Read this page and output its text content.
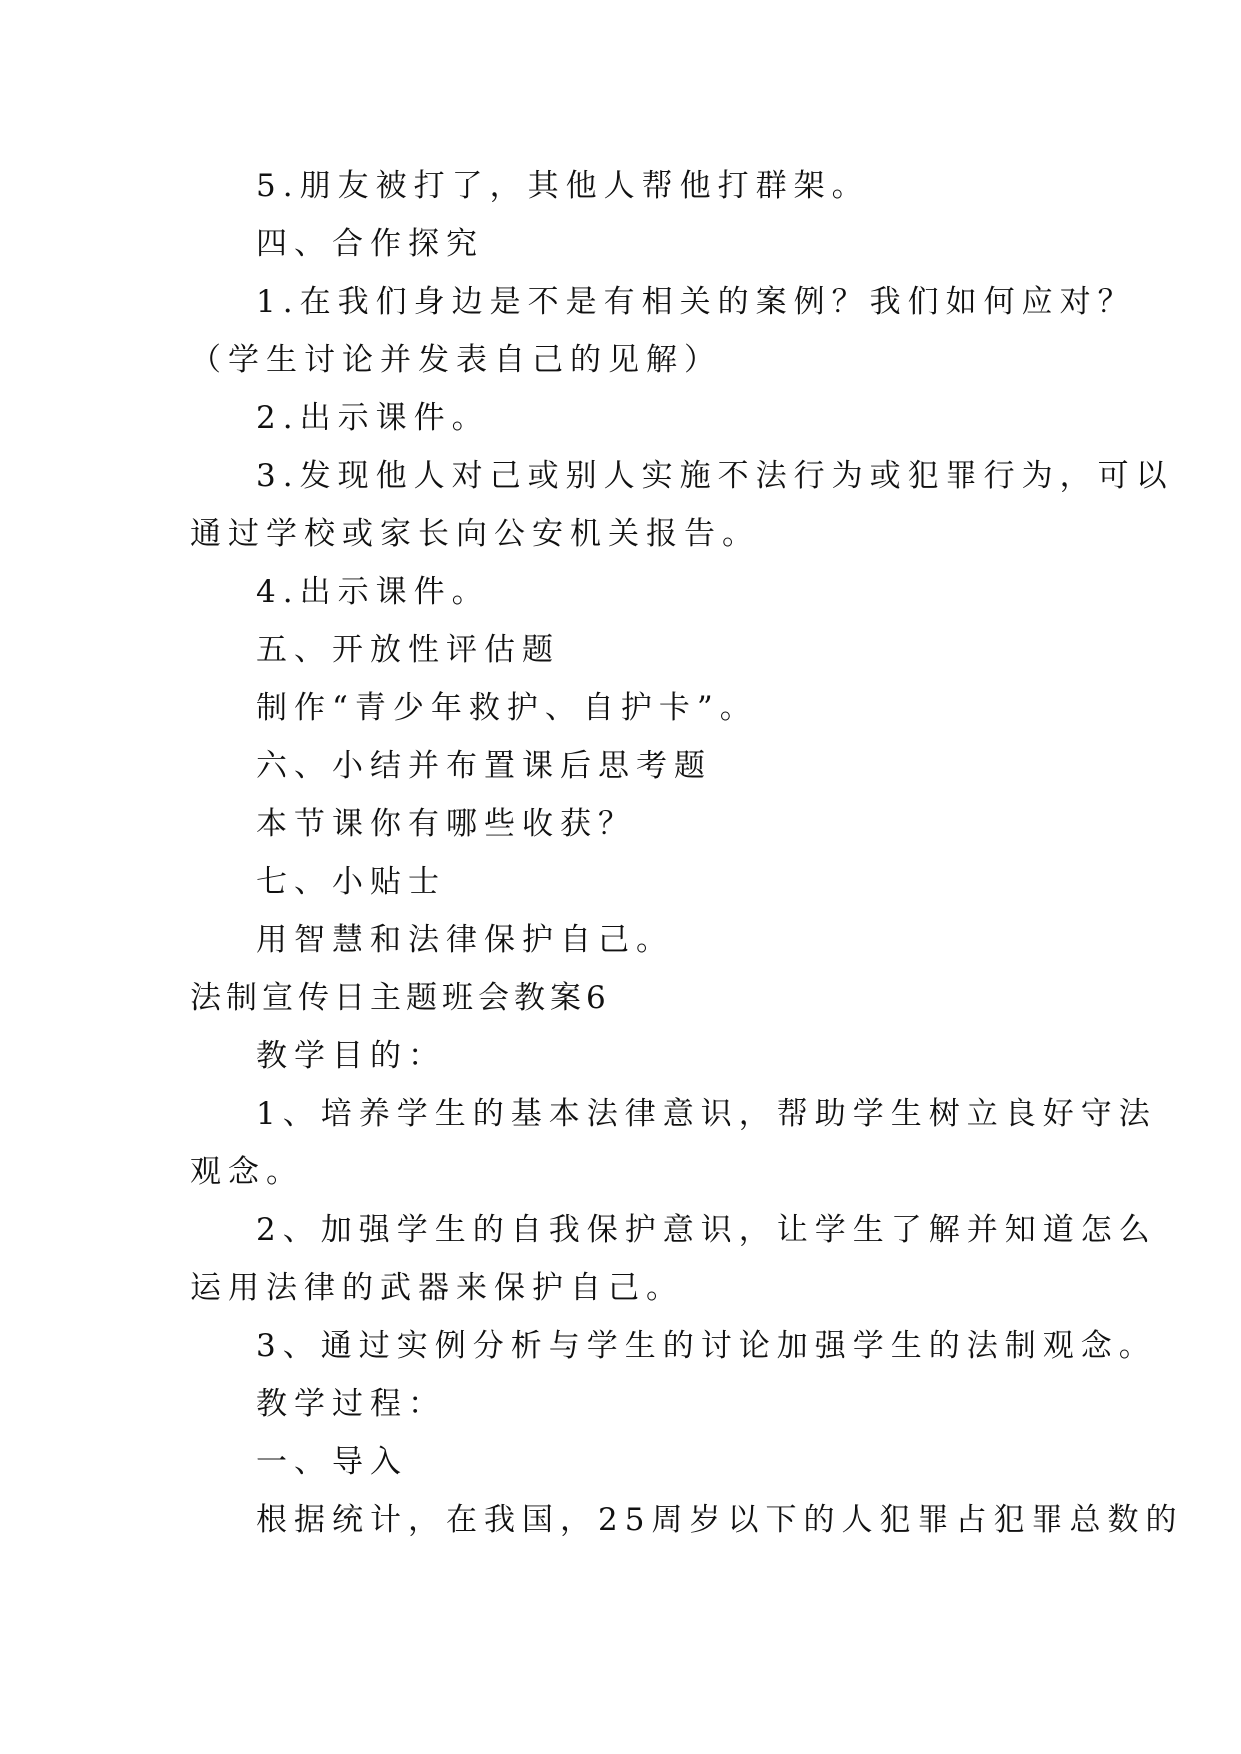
5.朋友被打了，其他人帮他打群架。
四、合作探究
1.在我们身边是不是有相关的案例？我们如何应对？
（学生讨论并发表自己的见解）
2.出示课件。
3.发现他人对己或别人实施不法行为或犯罪行为，可以
通过学校或家长向公安机关报告。
4.出示课件。
五、开放性评估题
制作“青少年救护、自护卡”。
六、小结并布置课后思考题
本节课你有哪些收获？
七、小贴士
用智慧和法律保护自己。
法制宣传日主题班会教案6
教学目的：
1、培养学生的基本法律意识，帮助学生树立良好守法
观念。
2、加强学生的自我保护意识，让学生了解并知道怎么
运用法律的武器来保护自己。
3、通过实例分析与学生的讨论加强学生的法制观念。
教学过程：
一、导入
根据统计，在我国，25周岁以下的人犯罪占犯罪总数的
